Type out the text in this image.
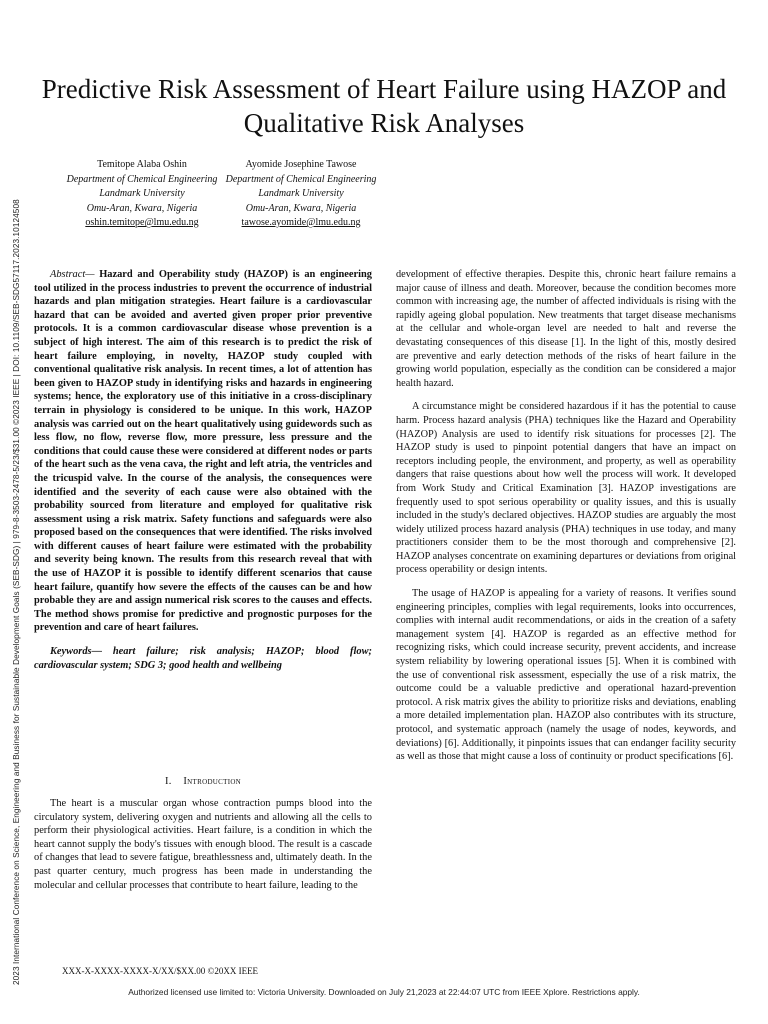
2023 International Conference on Science, Engineering and Business for Sustainable Development Goals (SEB-SDG) | 979-8-3503-2478-5/23/$31.00 ©2023 IEEE | DOI: 10.1109/SEB-SDG57117.2023.10124508
Predictive Risk Assessment of Heart Failure using HAZOP and Qualitative Risk Analyses
Temitope Alaba Oshin
Department of Chemical Engineering
Landmark University
Omu-Aran, Kwara, Nigeria
oshin.temitope@lmu.edu.ng
Ayomide Josephine Tawose
Department of Chemical Engineering
Landmark University
Omu-Aran, Kwara, Nigeria
tawose.ayomide@lmu.edu.ng

Abstract— Hazard and Operability study (HAZOP) is an engineering tool utilized in the process industries to prevent the occurrence of industrial hazards and plan mitigation strategies. Heart failure is a cardiovascular hazard that can be avoided and averted given proper prior preventive protocols. It is a common cardiovascular disease whose prevention is a subject of high interest. The aim of this research is to predict the risk of heart failure employing, in novelty, HAZOP study coupled with conventional qualitative risk analysis. In recent times, a lot of attention has been given to HAZOP study in identifying risks and hazards in engineering systems; hence, the exploratory use of this initiative in a cross-disciplinary terrain in physiology is considered to be unique. In this work, HAZOP analysis was carried out on the heart qualitatively using guidewords such as less flow, no flow, reverse flow, more pressure, less pressure and the conditions that could cause these were considered at different nodes or parts of the heart such as the vena cava, the right and left atria, the ventricles and the tricuspid valve. In the course of the analysis, the consequences were identified and the severity of each cause were also obtained with the probability sourced from literature and employed for qualitative risk assessment using a risk matrix. Safety functions and safeguards were also proposed based on the consequences that were identified. The risks involved with different causes of heart failure were estimated with the probability and severity being known. The results from this research reveal that with the use of HAZOP it is possible to identify different scenarios that cause heart failure, quantify how severe the effects of the causes can be and how probable they are and assign numerical risk scores to the causes and effects. The method shows promise for predictive and prognostic purposes for the prevention and care of heart failures.

Keywords— heart failure; risk analysis; HAZOP; blood flow; cardiovascular system; SDG 3; good health and wellbeing

I. Introduction

The heart is a muscular organ whose contraction pumps blood into the circulatory system, delivering oxygen and nutrients and allowing all the cells to perform their physiological activities. Heart failure, is a condition in which the heart cannot supply the body's tissues with enough blood. The result is a cascade of changes that lead to severe fatigue, breathlessness and, ultimately death. In the past quarter century, much progress has been made in understanding the molecular and cellular processes that contribute to heart failure, leading to the

development of effective therapies. Despite this, chronic heart failure remains a major cause of illness and death. Moreover, because the condition becomes more common with increasing age, the number of affected individuals is rising with the rapidly ageing global population. New treatments that target disease mechanisms at the cellular and whole-organ level are needed to halt and reverse the devastating consequences of this disease [1]. In the light of this, mostly desired are preventive and early detection methods of the risks of heart failure in the growing world population, especially as the condition can be considered a major health hazard.

A circumstance might be considered hazardous if it has the potential to cause harm. Process hazard analysis (PHA) techniques like the Hazard and Operability (HAZOP) Analysis are used to identify risk situations for processes [2]. The HAZOP study is used to pinpoint potential dangers that have an impact on receptors including people, the environment, and property, as well as operability dangers that raise questions about how well the process will work. It developed from Work Study and Critical Examination [3]. HAZOP investigations are frequently used to spot serious operability or quality issues, and this is usually included in the study's declared objectives. HAZOP studies are arguably the most widely utilized process hazard analysis (PHA) techniques in use today, and many practitioners consider them to be the most thorough and comprehensive [2]. HAZOP analyses concentrate on examining departures or deviations from original process operability or design intents.

The usage of HAZOP is appealing for a variety of reasons. It verifies sound engineering principles, complies with legal requirements, looks into occurrences, complies with internal audit recommendations, or aids in the creation of a safety management system [4]. HAZOP is regarded as an effective method for recognizing risks, which could increase security, prevent accidents, and increase system reliability by lowering operational issues [5]. When it is combined with the use of conventional risk assessment, especially the use of a risk matrix, the outcome could be a valuable predictive and operational hazard-prevention protocol. A risk matrix gives the ability to prioritize risks and deviations, enabling a more detailed implementation plan. HAZOP also contributes with its structure, protocol, and systematic approach (namely the usage of nodes, keywords, and deviations) [6]. Additionally, it pinpoints issues that can endanger facility security as well as those that might cause a loss of continuity or product specifications [6].

XXX-X-XXXX-XXXX-X/XX/$XX.00 ©20XX IEEE
Authorized licensed use limited to: Victoria University. Downloaded on July 21,2023 at 22:44:07 UTC from IEEE Xplore. Restrictions apply.
